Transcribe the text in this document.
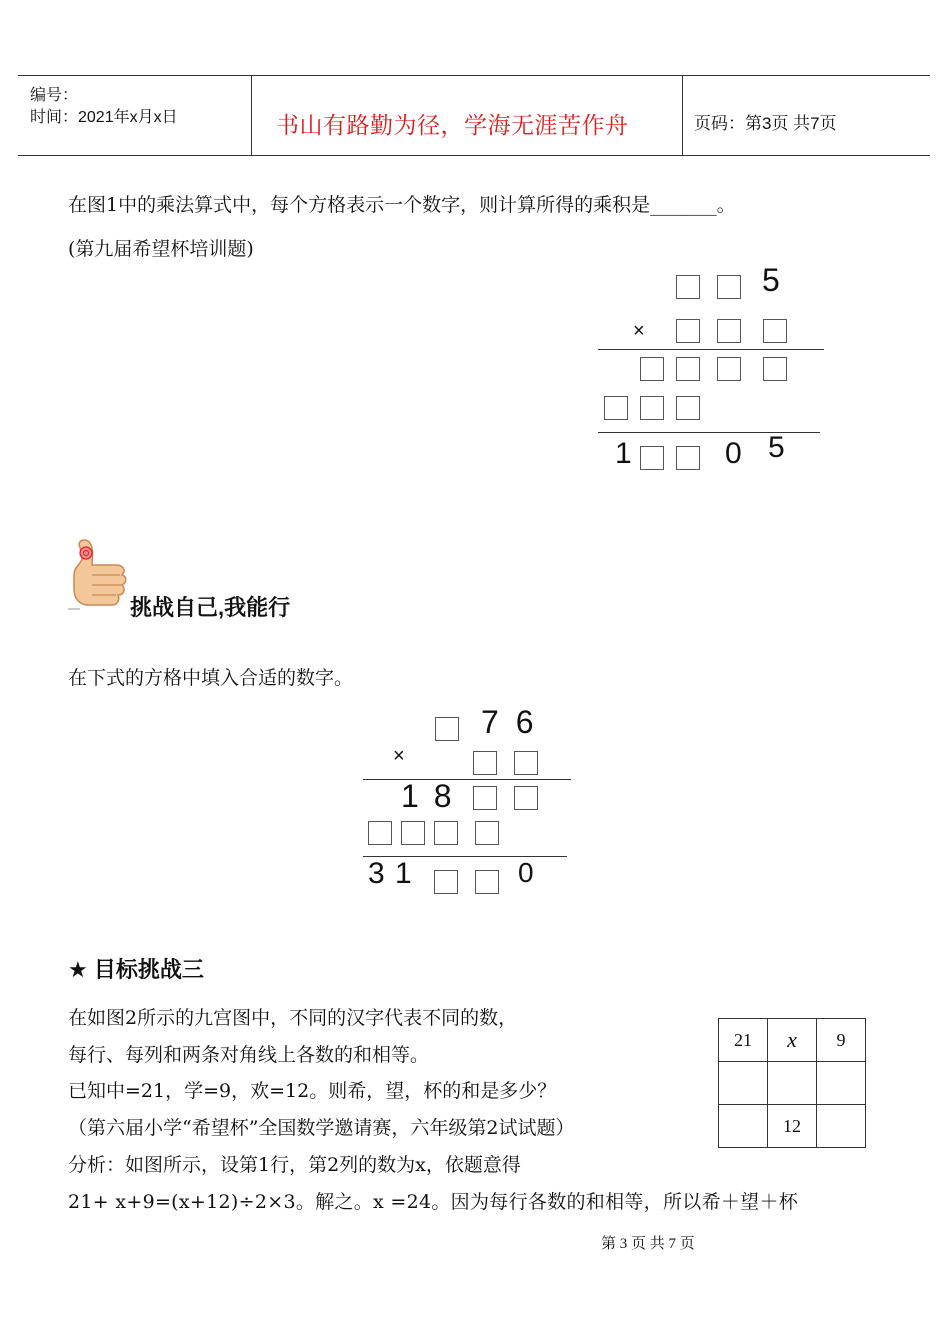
编号：
时间：2021年x月x日	书山有路勤为径，学海无涯苦作舟	页码：第3页 共7页
在图1中的乘法算式中，每个方格表示一个数字，则计算所得的乘积是_______。
(第九届希望杯培训题)
5
×
1	0 5
挑战自己,我能行
在下式的方格中填入合适的数字。
7 6
×
1 8
3 1	0
★ 目标挑战三
在如图2所示的九宫图中，不同的汉字代表不同的数，
每行、每列和两条对角线上各数的和相等。
已知中=21，学=9，欢=12。则希，望，杯的和是多少？
（第六届小学“希望杯”全国数学邀请赛，六年级第2试试题）
分析：如图所示，设第1行，第2列的数为x，依题意得
21+ x+9=(x+12)÷2×3。解之。x =24。因为每行各数的和相等，所以希＋望＋杯
21	x	9

	12	
第 3 页 共 7 页
